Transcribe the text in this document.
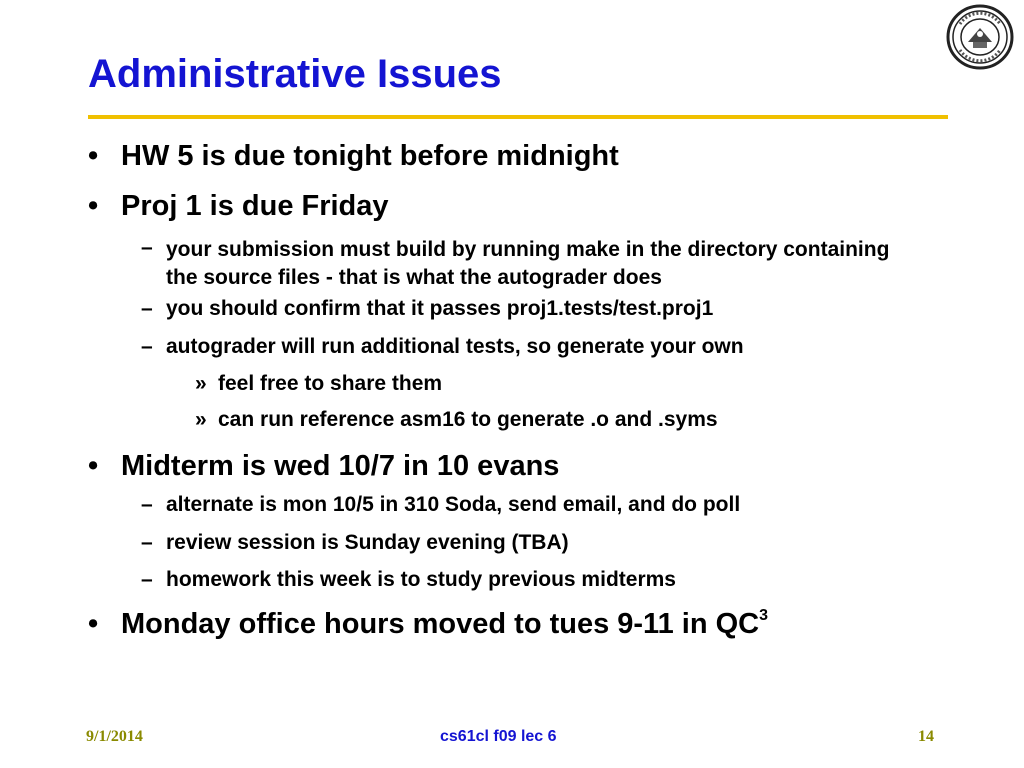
Administrative Issues
• HW 5 is due tonight before midnight
• Proj 1 is due Friday
– your submission must build by running make in the directory containing the source files - that is what the autograder does
– you should confirm that it passes proj1.tests/test.proj1
– autograder will run additional tests, so generate your own
» feel free to share them
» can run reference asm16 to generate .o and .syms
• Midterm is wed 10/7 in 10 evans
– alternate is mon 10/5 in 310 Soda, send email, and do poll
– review session is Sunday evening (TBA)
– homework this week is to study previous midterms
• Monday office hours moved to tues 9-11 in $QC^3$
9/1/2014	cs61cl f09 lec 6	14
